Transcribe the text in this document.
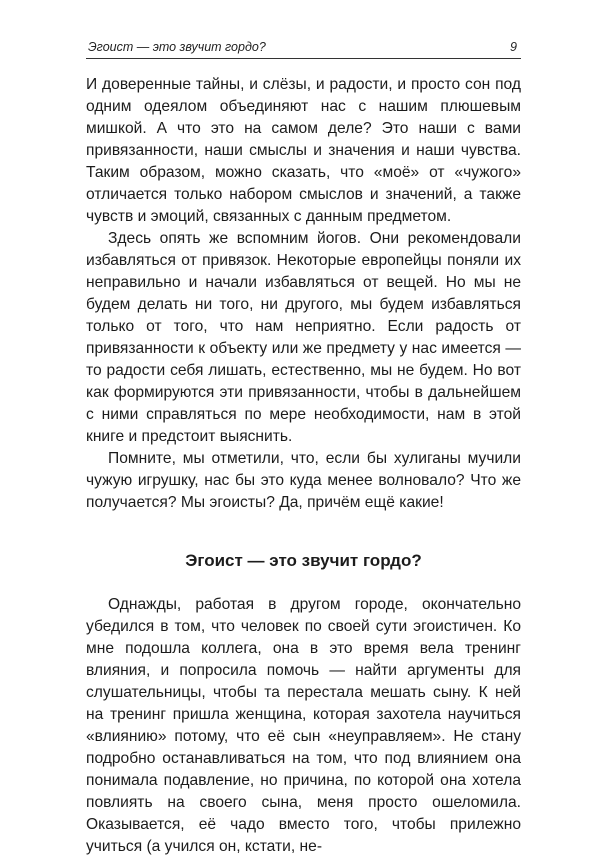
Эгоист — это звучит гордо?	9

И доверенные тайны, и слёзы, и радости, и просто сон под одним одеялом объединяют нас с нашим плюшевым мишкой. А что это на самом деле? Это наши с вами привязанности, наши смыслы и значения и наши чувства. Таким образом, можно сказать, что «моё» от «чужого» отличается только набором смыслов и значений, а также чувств и эмоций, связанных с данным предметом.

Здесь опять же вспомним йогов. Они рекомендовали избавляться от привязок. Некоторые европейцы поняли их неправильно и начали избавляться от вещей. Но мы не будем делать ни того, ни другого, мы будем избавляться только от того, что нам неприятно. Если радость от привязанности к объекту или же предмету у нас имеется — то радости себя лишать, естественно, мы не будем. Но вот как формируются эти привязанности, чтобы в дальнейшем с ними справляться по мере необходимости, нам в этой книге и предстоит выяснить.

Помните, мы отметили, что, если бы хулиганы мучили чужую игрушку, нас бы это куда менее волновало? Что же получается? Мы эгоисты? Да, причём ещё какие!

Эгоист — это звучит гордо?

Однажды, работая в другом городе, окончательно убедился в том, что человек по своей сути эгоистичен. Ко мне подошла коллега, она в это время вела тренинг влияния, и попросила помочь — найти аргументы для слушательницы, чтобы та перестала мешать сыну. К ней на тренинг пришла женщина, которая захотела научиться «влиянию» потому, что её сын «неуправляем». Не стану подробно останавливаться на том, что под влиянием она понимала подавление, но причина, по которой она хотела повлиять на своего сына, меня просто ошеломила. Оказывается, её чадо вместо того, чтобы прилежно учиться (а учился он, кстати, не-
